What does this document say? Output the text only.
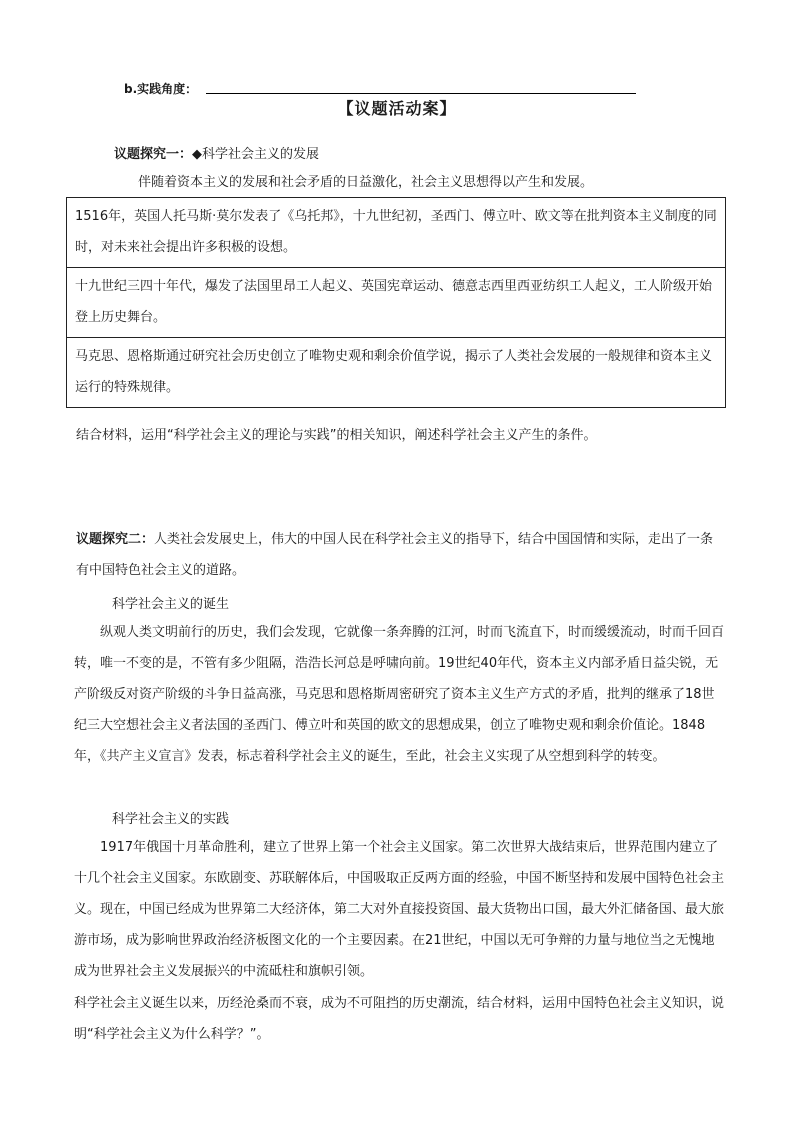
b.实践角度：
【议题活动案】
议题探究一：◆科学社会主义的发展
伴随着资本主义的发展和社会矛盾的日益激化，社会主义思想得以产生和发展。
1516年，英国人托马斯·莫尔发表了《乌托邦》，十九世纪初，圣西门、傅立叶、欧文等在批判资本主义制度的同时，对未来社会提出许多积极的设想。
十九世纪三四十年代，爆发了法国里昂工人起义、英国宪章运动、德意志西里西亚纺织工人起义，工人阶级开始登上历史舞台。
马克思、恩格斯通过研究社会历史创立了唯物史观和剩余价值学说，揭示了人类社会发展的一般规律和资本主义运行的特殊规律。
结合材料，运用“科学社会主义的理论与实践”的相关知识，阐述科学社会主义产生的条件。
议题探究二：人类社会发展史上，伟大的中国人民在科学社会主义的指导下，结合中国国情和实际，走出了一条有中国特色社会主义的道路。
科学社会主义的诞生
纵观人类文明前行的历史，我们会发现，它就像一条奔腾的江河，时而飞流直下，时而缓缓流动，时而千回百转，唯一不变的是，不管有多少阻隔，浩浩长河总是呼啸向前。19世纪40年代，资本主义内部矛盾日益尖锐，无产阶级反对资产阶级的斗争日益高涨，马克思和恩格斯周密研究了资本主义生产方式的矛盾，批判的继承了18世纪三大空想社会主义者法国的圣西门、傅立叶和英国的欧文的思想成果，创立了唯物史观和剩余价值论。1848年，《共产主义宣言》发表，标志着科学社会主义的诞生，至此，社会主义实现了从空想到科学的转变。
科学社会主义的实践
1917年俄国十月革命胜利，建立了世界上第一个社会主义国家。第二次世界大战结束后，世界范围内建立了十几个社会主义国家。东欧剧变、苏联解体后，中国吸取正反两方面的经验，中国不断坚持和发展中国特色社会主义。现在，中国已经成为世界第二大经济体，第二大对外直接投资国、最大货物出口国，最大外汇储备国、最大旅游市场，成为影响世界政治经济板图文化的一个主要因素。在21世纪，中国以无可争辩的力量与地位当之无愧地成为世界社会主义发展振兴的中流砥柱和旗帜引领。
科学社会主义诞生以来，历经沧桑而不衰，成为不可阻挡的历史潮流，结合材料，运用中国特色社会主义知识，说明“科学社会主义为什么科学？”。
